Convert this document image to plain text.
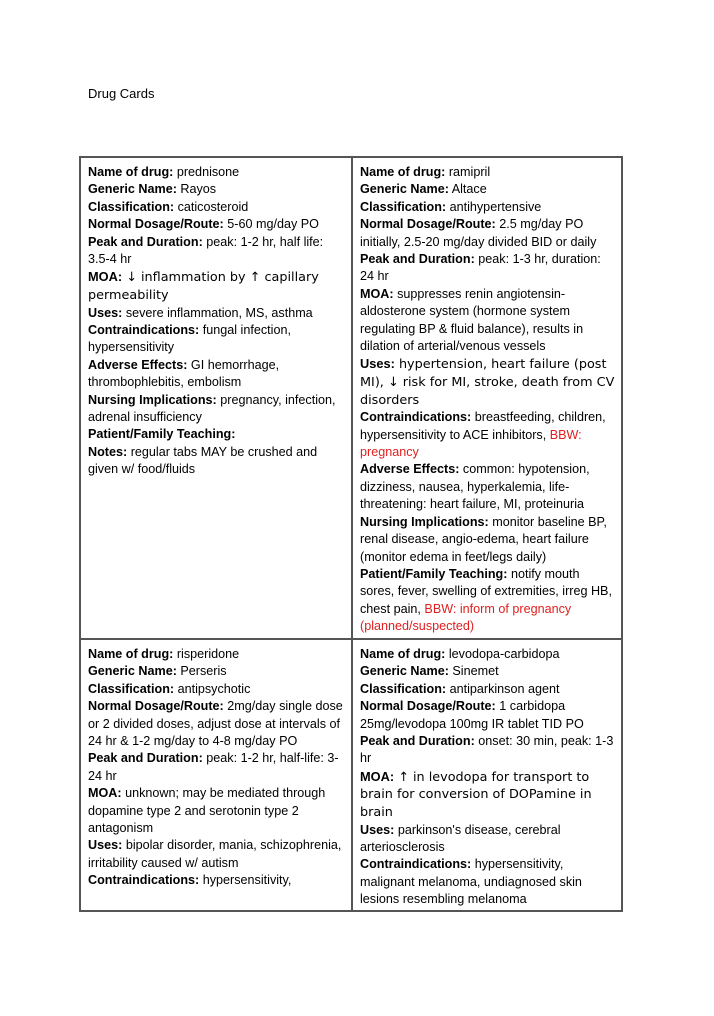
Drug Cards

Name of drug: prednisone

Generic Name: Rayos

Classification: caticosteroid

Normal Dosage/Route: 5-60 mg/day PO

Peak and Duration: peak: 1-2 hr, half life: 3.5-4 hr

MOA: ↓ inflammation by ↑ capillary permeability

Uses: severe inflammation, MS, asthma

Contraindications: fungal infection, hypersensitivity

Adverse Effects: GI hemorrhage, thrombophlebitis, embolism

Nursing Implications: pregnancy, infection, adrenal insufficiency

Patient/Family Teaching:

Notes: regular tabs MAY be crushed and given w/ food/fluids

Name of drug: ramipril

Generic Name: Altace

Classification: antihypertensive

Normal Dosage/Route: 2.5 mg/day PO initially, 2.5-20 mg/day divided BID or daily

Peak and Duration: peak: 1-3 hr, duration: 24 hr

MOA: suppresses renin angiotensin-aldosterone system (hormone system regulating BP & fluid balance), results in dilation of arterial/venous vessels

Uses: hypertension, heart failure (post MI), ↓ risk for MI, stroke, death from CV disorders

Contraindications: breastfeeding, children, hypersensitivity to ACE inhibitors, BBW: pregnancy

Adverse Effects: common: hypotension, dizziness, nausea, hyperkalemia, life-threatening: heart failure, MI, proteinuria

Nursing Implications: monitor baseline BP, renal disease, angio-edema, heart failure (monitor edema in feet/legs daily)

Patient/Family Teaching: notify mouth sores, fever, swelling of extremities, irreg HB, chest pain, BBW: inform of pregnancy (planned/suspected)

Name of drug: risperidone

Generic Name: Perseris

Classification: antipsychotic

Normal Dosage/Route: 2mg/day single dose or 2 divided doses, adjust dose at intervals of 24 hr & 1-2 mg/day to 4-8 mg/day PO

Peak and Duration: peak: 1-2 hr, half-life: 3-24 hr

MOA: unknown; may be mediated through dopamine type 2 and serotonin type 2 antagonism

Uses: bipolar disorder, mania, schizophrenia, irritability caused w/ autism

Contraindications: hypersensitivity,

Name of drug: levodopa-carbidopa

Generic Name: Sinemet

Classification: antiparkinson agent

Normal Dosage/Route: 1 carbidopa 25mg/levodopa 100mg IR tablet TID PO

Peak and Duration: onset: 30 min, peak: 1-3 hr

MOA: ↑ in levodopa for transport to brain for conversion of DOPamine in brain

Uses: parkinson's disease, cerebral arteriosclerosis

Contraindications: hypersensitivity, malignant melanoma, undiagnosed skin lesions resembling melanoma
